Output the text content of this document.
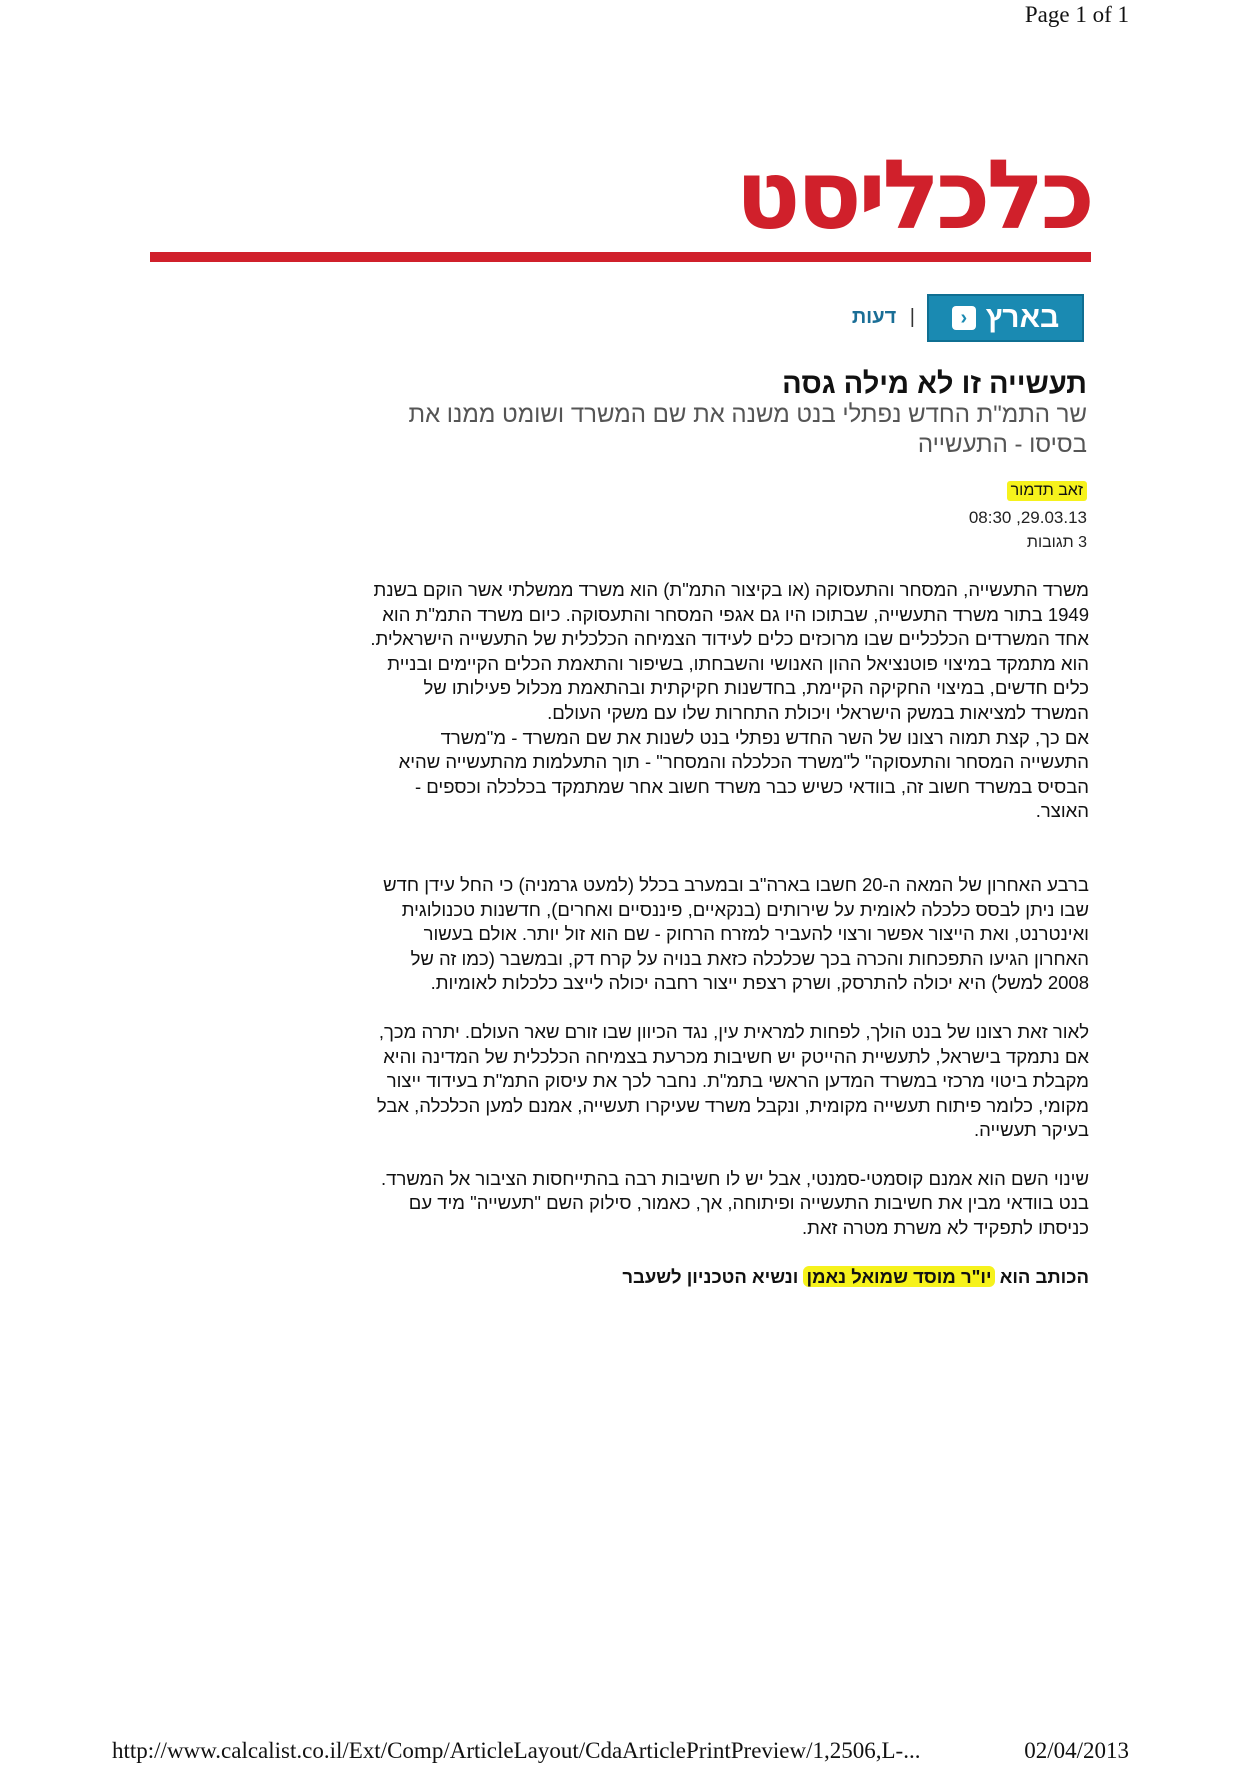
Page 1 of 1
כלכליסט
בארץ
‹
| דעות
תעשייה זו לא מילה גסה

שר התמ"ת החדש נפתלי בנט משנה את שם המשרד ושומט ממנו את בסיסו - התעשייה

זאב תדמור
29.03.13, 08:30
3 תגובות

משרד התעשייה, המסחר והתעסוקה (או בקיצור התמ"ת) הוא משרד ממשלתי אשר הוקם בשנת 1949 בתור משרד התעשייה, שבתוכו היו גם אגפי המסחר והתעסוקה. כיום משרד התמ"ת הוא אחד המשרדים הכלכליים שבו מרוכזים כלים לעידוד הצמיחה הכלכלית של התעשייה הישראלית. הוא מתמקד במיצוי פוטנציאל ההון האנושי והשבחתו, בשיפור והתאמת הכלים הקיימים ובניית כלים חדשים, במיצוי החקיקה הקיימת, בחדשנות חקיקתית ובהתאמת מכלול פעילותו של המשרד למציאות במשק הישראלי ויכולת התחרות שלו עם משקי העולם.

אם כך, קצת תמוה רצונו של השר החדש נפתלי בנט לשנות את שם המשרד - מ"משרד התעשייה המסחר והתעסוקה" ל"משרד הכלכלה והמסחר" - תוך התעלמות מהתעשייה שהיא הבסיס במשרד חשוב זה, בוודאי כשיש כבר משרד חשוב אחר שמתמקד בכלכלה וכספים - האוצר.

ברבע האחרון של המאה ה-20 חשבו בארה"ב ובמערב בכלל (למעט גרמניה) כי החל עידן חדש שבו ניתן לבסס כלכלה לאומית על שירותים (בנקאיים, פיננסיים ואחרים), חדשנות טכנולוגית ואינטרנט, ואת הייצור אפשר ורצוי להעביר למזרח הרחוק - שם הוא זול יותר. אולם בעשור האחרון הגיעו התפכחות והכרה בכך שכלכלה כזאת בנויה על קרח דק, ובמשבר (כמו זה של 2008 למשל) היא יכולה להתרסק, ושרק רצפת ייצור רחבה יכולה לייצב כלכלות לאומיות.

לאור זאת רצונו של בנט הולך, לפחות למראית עין, נגד הכיוון שבו זורם שאר העולם. יתרה מכך, אם נתמקד בישראל, לתעשיית ההייטק יש חשיבות מכרעת בצמיחה הכלכלית של המדינה והיא מקבלת ביטוי מרכזי במשרד המדען הראשי בתמ"ת. נחבר לכך את עיסוק התמ"ת בעידוד ייצור מקומי, כלומר פיתוח תעשייה מקומית, ונקבל משרד שעיקרו תעשייה, אמנם למען הכלכלה, אבל בעיקר תעשייה.

שינוי השם הוא אמנם קוסמטי-סמנטי, אבל יש לו חשיבות רבה בהתייחסות הציבור אל המשרד. בנט בוודאי מבין את חשיבות התעשייה ופיתוחה, אך, כאמור, סילוק השם "תעשייה" מיד עם כניסתו לתפקיד לא משרת מטרה זאת.

הכותב הוא יו"ר מוסד שמואל נאמן ונשיא הטכניון לשעבר
http://www.calcalist.co.il/Ext/Comp/ArticleLayout/CdaArticlePrintPreview/1,2506,L-...	02/04/2013
